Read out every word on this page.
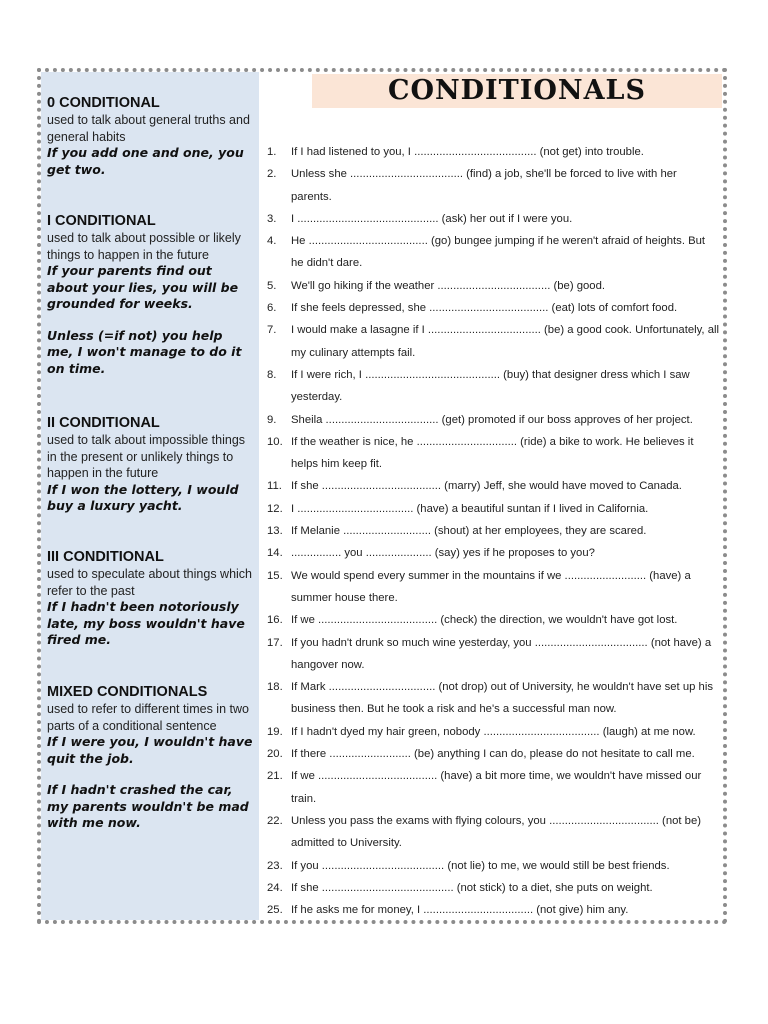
0 CONDITIONAL

used to talk about general truths and general habits

If you add one and one, you get two.

I CONDITIONAL

used to talk about possible or likely things to happen in the future

If your parents find out about your lies, you will be grounded for weeks.

Unless (=if not) you help me, I won't manage to do it on time.

II CONDITIONAL

used to talk about impossible things in the present or unlikely things to happen in the future

If I won the lottery, I would buy a luxury yacht.

III CONDITIONAL

used to speculate about things which refer to the past

If I hadn't been notoriously late, my boss wouldn't have fired me.

MIXED CONDITIONALS

used to refer to different times in two parts of a conditional sentence

If I were you, I wouldn't have quit the job.

If I hadn't crashed the car, my parents wouldn't be mad with me now.

CONDITIONALS
1. If I had listened to you, I ....................................... (not get) into trouble.
2. Unless she .................................... (find) a job, she'll be forced to live with her parents.
3. I ............................................. (ask) her out if I were you.
4. He ...................................... (go) bungee jumping if he weren't afraid of heights. But he didn't dare.
5. We'll go hiking if the weather .................................... (be) good.
6. If she feels depressed, she ...................................... (eat) lots of comfort food.
7. I would make a lasagne if I .................................... (be) a good cook. Unfortunately, all my culinary attempts fail.
8. If I were rich, I ........................................... (buy) that designer dress which I saw yesterday.
9. Sheila .................................... (get) promoted if our boss approves of her project.
10. If the weather is nice, he ................................ (ride) a bike to work. He believes it helps him keep fit.
11. If she ...................................... (marry) Jeff, she would have moved to Canada.
12. I ..................................... (have) a beautiful suntan if I lived in California.
13. If Melanie ............................ (shout) at her employees, they are scared.
14. ................ you ..................... (say) yes if he proposes to you?
15. We would spend every summer in the mountains if we .......................... (have) a summer house there.
16. If we ...................................... (check) the direction, we wouldn't have got lost.
17. If you hadn't drunk so much wine yesterday, you .................................... (not have) a hangover now.
18. If Mark .................................. (not drop) out of University, he wouldn't have set up his business then. But he took a risk and he's a successful man now.
19. If I hadn't dyed my hair green, nobody ..................................... (laugh) at me now.
20. If there .......................... (be) anything I can do, please do not hesitate to call me.
21. If we ...................................... (have) a bit more time, we wouldn't have missed our train.
22. Unless you pass the exams with flying colours, you ................................... (not be) admitted to University.
23. If you ....................................... (not lie) to me, we would still be best friends.
24. If she .......................................... (not stick) to a diet, she puts on weight.
25. If he asks me for money, I ................................... (not give) him any.
